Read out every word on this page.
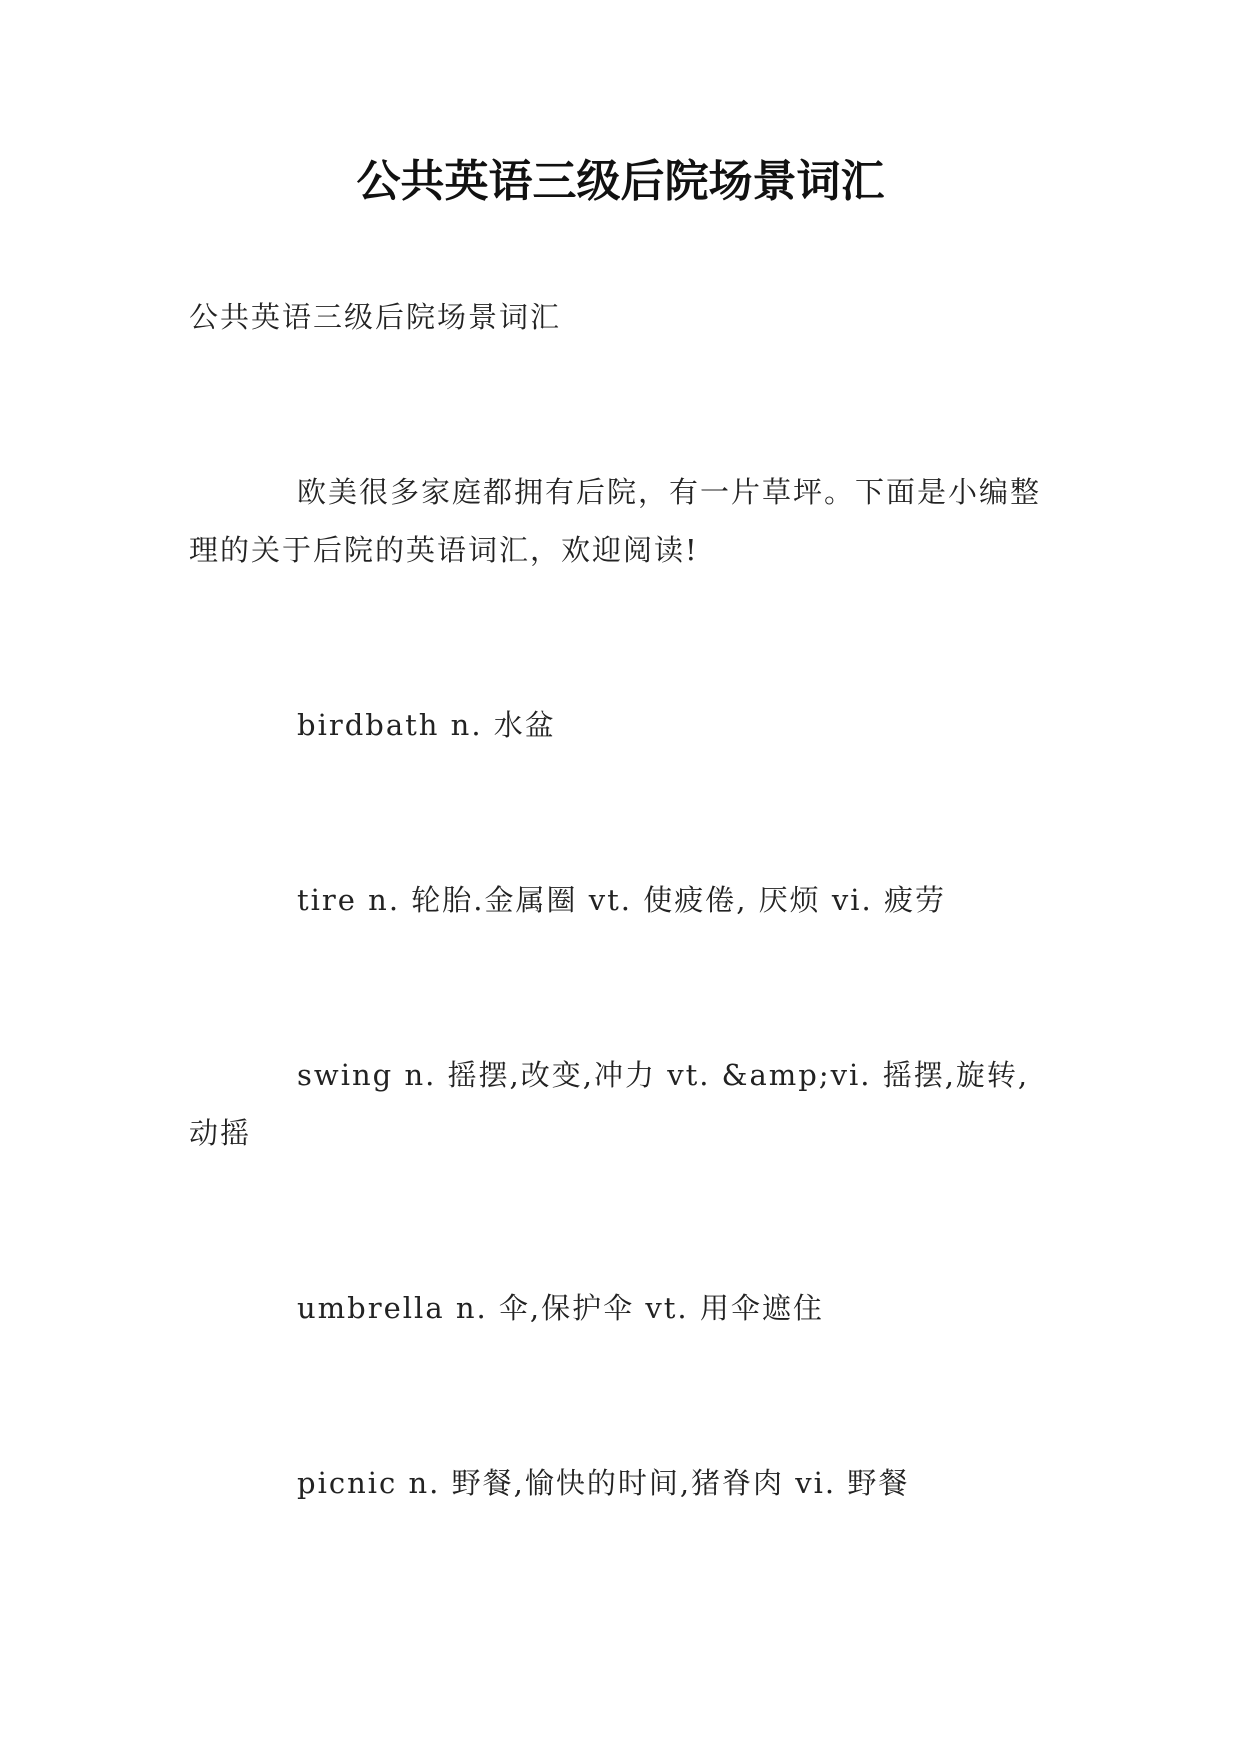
公共英语三级后院场景词汇

公共英语三级后院场景词汇

欧美很多家庭都拥有后院，有一片草坪。下面是小编整理的关于后院的英语词汇，欢迎阅读!

birdbath n. 水盆

tire n. 轮胎.金属圈 vt. 使疲倦, 厌烦 vi. 疲劳

swing n. 摇摆,改变,冲力 vt. &amp;vi. 摇摆,旋转,动摇

umbrella n. 伞,保护伞 vt. 用伞遮住

picnic n. 野餐,愉快的时间,猪脊肉 vi. 野餐
